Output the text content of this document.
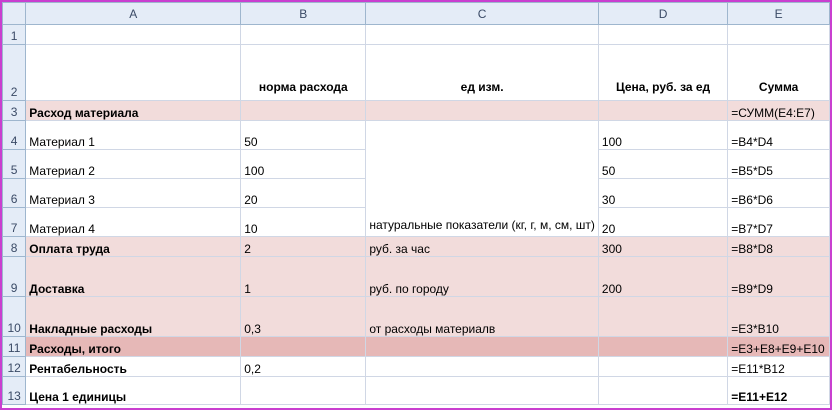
	A	B	C	D	E
1					
2		норма расхода	ед изм.	Цена, руб. за ед	Сумма
3	Расход материала				=СУММ(E4:E7)
4	Материал 1	50	натуральные показатели (кг, г, м, см, шт)	100	=B4*D4
5	Материал 2	100		50	=B5*D5
6	Материал 3	20		30	=B6*D6
7	Материал 4	10		20	=B7*D7
8	Оплата труда	2	руб. за час	300	=B8*D8
9	Доставка	1	руб. по городу	200	=B9*D9
10	Накладные расходы	0,3	от расходы материалв		=E3*B10
11	Расходы, итого				=E3+E8+E9+E10
12	Рентабельность	0,2			=E11*B12
13	Цена 1 единицы				=E11+E12
